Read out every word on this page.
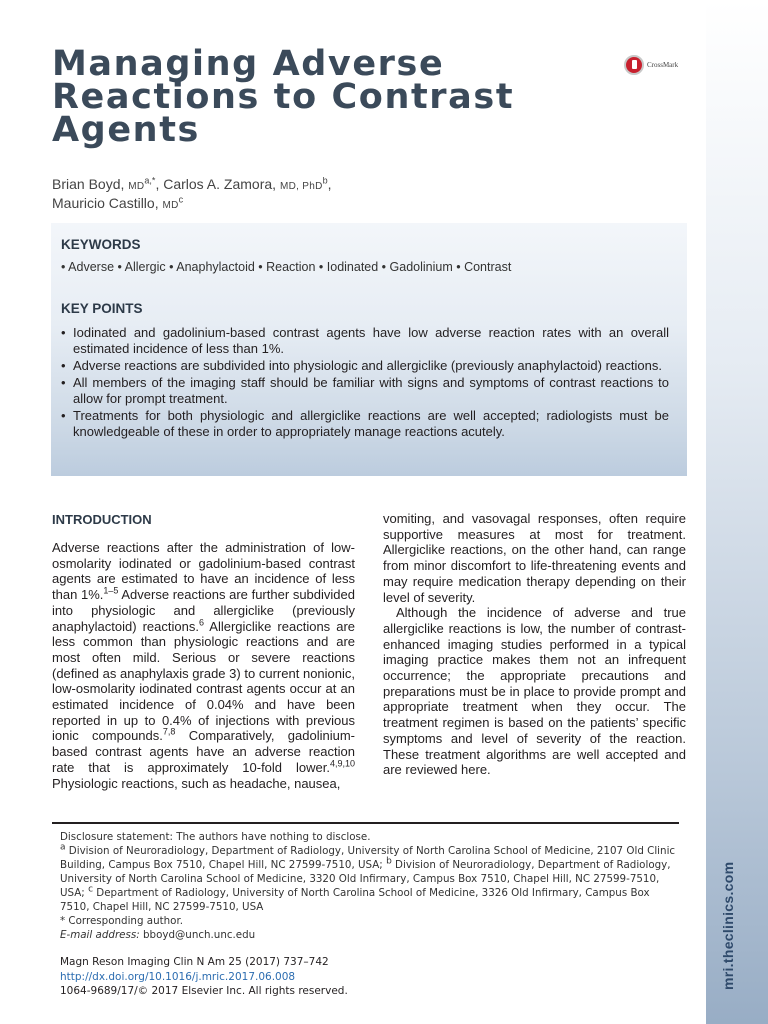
mri.theclinics.com
Managing Adverse Reactions to Contrast Agents
CrossMark
Brian Boyd, $MD^{a,*}$, Carlos A. Zamora, MD, PhD$^b$,
Mauricio Castillo, $MD^c$
KEYWORDS
• Adverse • Allergic • Anaphylactoid • Reaction • Iodinated • Gadolinium • Contrast
KEY POINTS
• Iodinated and gadolinium-based contrast agents have low adverse reaction rates with an overall estimated incidence of less than 1%.
• Adverse reactions are subdivided into physiologic and allergiclike (previously anaphylactoid) reactions.
• All members of the imaging staff should be familiar with signs and symptoms of contrast reactions to allow for prompt treatment.
• Treatments for both physiologic and allergiclike reactions are well accepted; radiologists must be knowledgeable of these in order to appropriately manage reactions acutely.
INTRODUCTION

Adverse reactions after the administration of low-osmolarity iodinated or gadolinium-based contrast agents are estimated to have an incidence of less than 1%.$^{1-5}$ Adverse reactions are further subdivided into physiologic and allergiclike (previously anaphylactoid) reactions.$^6$ Allergiclike reactions are less common than physiologic reactions and are most often mild. Serious or severe reactions (defined as anaphylaxis grade 3) to current nonionic, low-osmolarity iodinated contrast agents occur at an estimated incidence of 0.04% and have been reported in up to 0.4% of injections with previous ionic compounds.$^{7,8}$ Comparatively, gadolinium-based contrast agents have an adverse reaction rate that is approximately 10-fold lower.$^{4,9,10}$ Physiologic reactions, such as headache, nausea,

vomiting, and vasovagal responses, often require supportive measures at most for treatment. Allergiclike reactions, on the other hand, can range from minor discomfort to life-threatening events and may require medication therapy depending on their level of severity.

Although the incidence of adverse and true allergiclike reactions is low, the number of contrast-enhanced imaging studies performed in a typical imaging practice makes them not an infrequent occurrence; the appropriate precautions and preparations must be in place to provide prompt and appropriate treatment when they occur. The treatment regimen is based on the patients’ specific symptoms and level of severity of the reaction. These treatment algorithms are well accepted and are reviewed here.

Disclosure statement: The authors have nothing to disclose.

$^a$ Division of Neuroradiology, Department of Radiology, University of North Carolina School of Medicine, 2107 Old Clinic Building, Campus Box 7510, Chapel Hill, NC 27599-7510, USA; $^b$ Division of Neuroradiology, Department of Radiology, University of North Carolina School of Medicine, 3320 Old Infirmary, Campus Box 7510, Chapel Hill, NC 27599-7510, USA; $^c$ Department of Radiology, University of North Carolina School of Medicine, 3326 Old Infirmary, Campus Box 7510, Chapel Hill, NC 27599-7510, USA

* Corresponding author.

E-mail address: bboyd@unch.unc.edu

Magn Reson Imaging Clin N Am 25 (2017) 737–742

http://dx.doi.org/10.1016/j.mric.2017.06.008

1064-9689/17/© 2017 Elsevier Inc. All rights reserved.
